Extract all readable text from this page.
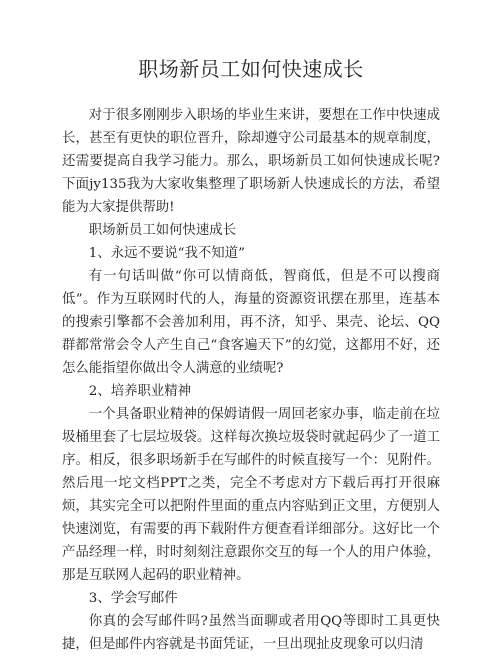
职场新员工如何快速成长

对于很多刚刚步入职场的毕业生来讲，要想在工作中快速成长，甚至有更快的职位晋升，除却遵守公司最基本的规章制度，还需要提高自我学习能力。那么，职场新员工如何快速成长呢?下面jy135我为大家收集整理了职场新人快速成长的方法，希望能为大家提供帮助!

职场新员工如何快速成长

1、永远不要说“我不知道”

有一句话叫做“你可以情商低，智商低，但是不可以搜商低”。作为互联网时代的人，海量的资源资讯摆在那里，连基本的搜索引擎都不会善加利用，再不济，知乎、果壳、论坛、QQ群都常常会令人产生自己“食客遍天下”的幻觉，这都用不好，还怎么能指望你做出令人满意的业绩呢?

2、培养职业精神

一个具备职业精神的保姆请假一周回老家办事，临走前在垃圾桶里套了七层垃圾袋。这样每次换垃圾袋时就起码少了一道工序。相反，很多职场新手在写邮件的时候直接写一个：见附件。然后甩一坨文档PPT之类，完全不考虑对方下载后再打开很麻烦，其实完全可以把附件里面的重点内容贴到正文里，方便别人快速浏览，有需要的再下载附件方便查看详细部分。这好比一个产品经理一样，时时刻刻注意跟你交互的每一个人的用户体验，那是互联网人起码的职业精神。

3、学会写邮件

你真的会写邮件吗?虽然当面聊或者用QQ等即时工具更快捷，但是邮件内容就是书面凭证，一旦出现扯皮现象可以归清
